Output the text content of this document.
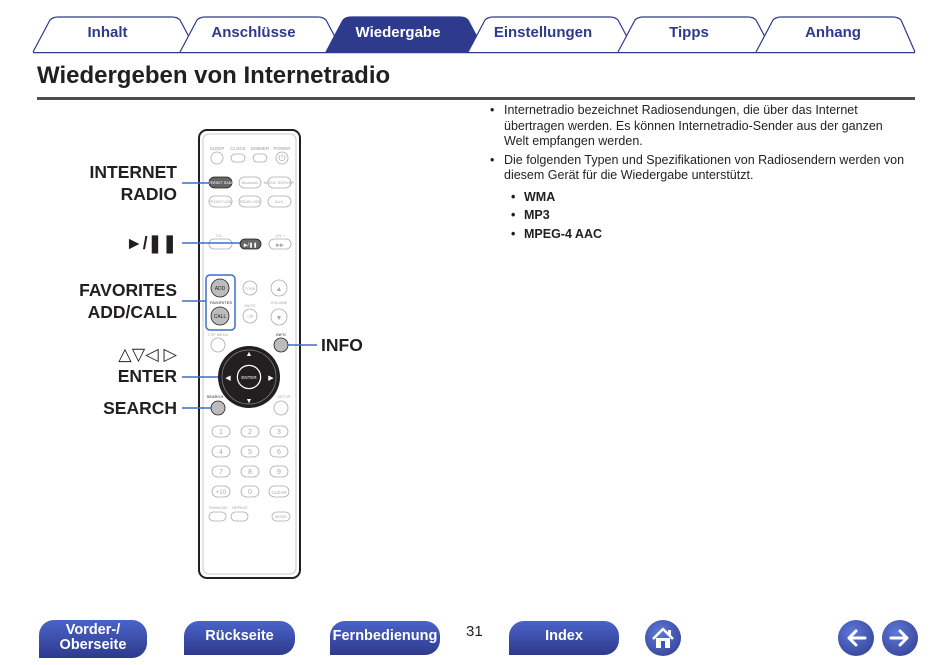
Inhalt	Anschlüsse	Wiedergabe	Einstellungen	Tipps	Anhang
Wiedergeben von Internetradio

• Internetradio bezeichnet Radiosendungen, die über das Internet übertragen werden. Es können Internetradio-Sender aus der ganzen Welt empfangen werden.

• Die folgenden Typen und Spezifikationen von Radiosendern werden von diesem Gerät für die Wiedergabe unterstützt.

• WMA

• MP3

• MPEG-4 AAC

SLEEP CLOCK DIMMER POWER
Bluetooth MUSIC SERVER
FRONT USB REAR USB	AUX
CH -	CH +
INTERNET RADIO
▶/❚❚	▶▶
ADD
FAVORITES
CALL
TONE
◁×
MUTE
▲
VOLUME
▼
TOP MENU	INFO
ENTER
▲
▼
◀	▶
SEARCH	SETUP
1	2	3
4	5	6
7	8	9
+10	0	CLEAR
RANDOM REPEAT
MODE
INTERNET
RADIO
►/❚❚
FAVORITES
ADD/CALL
△▽◁ ▷
ENTER
SEARCH
INFO
Vorder-/
Oberseite
Rückseite	Fernbedienung 31	Index
